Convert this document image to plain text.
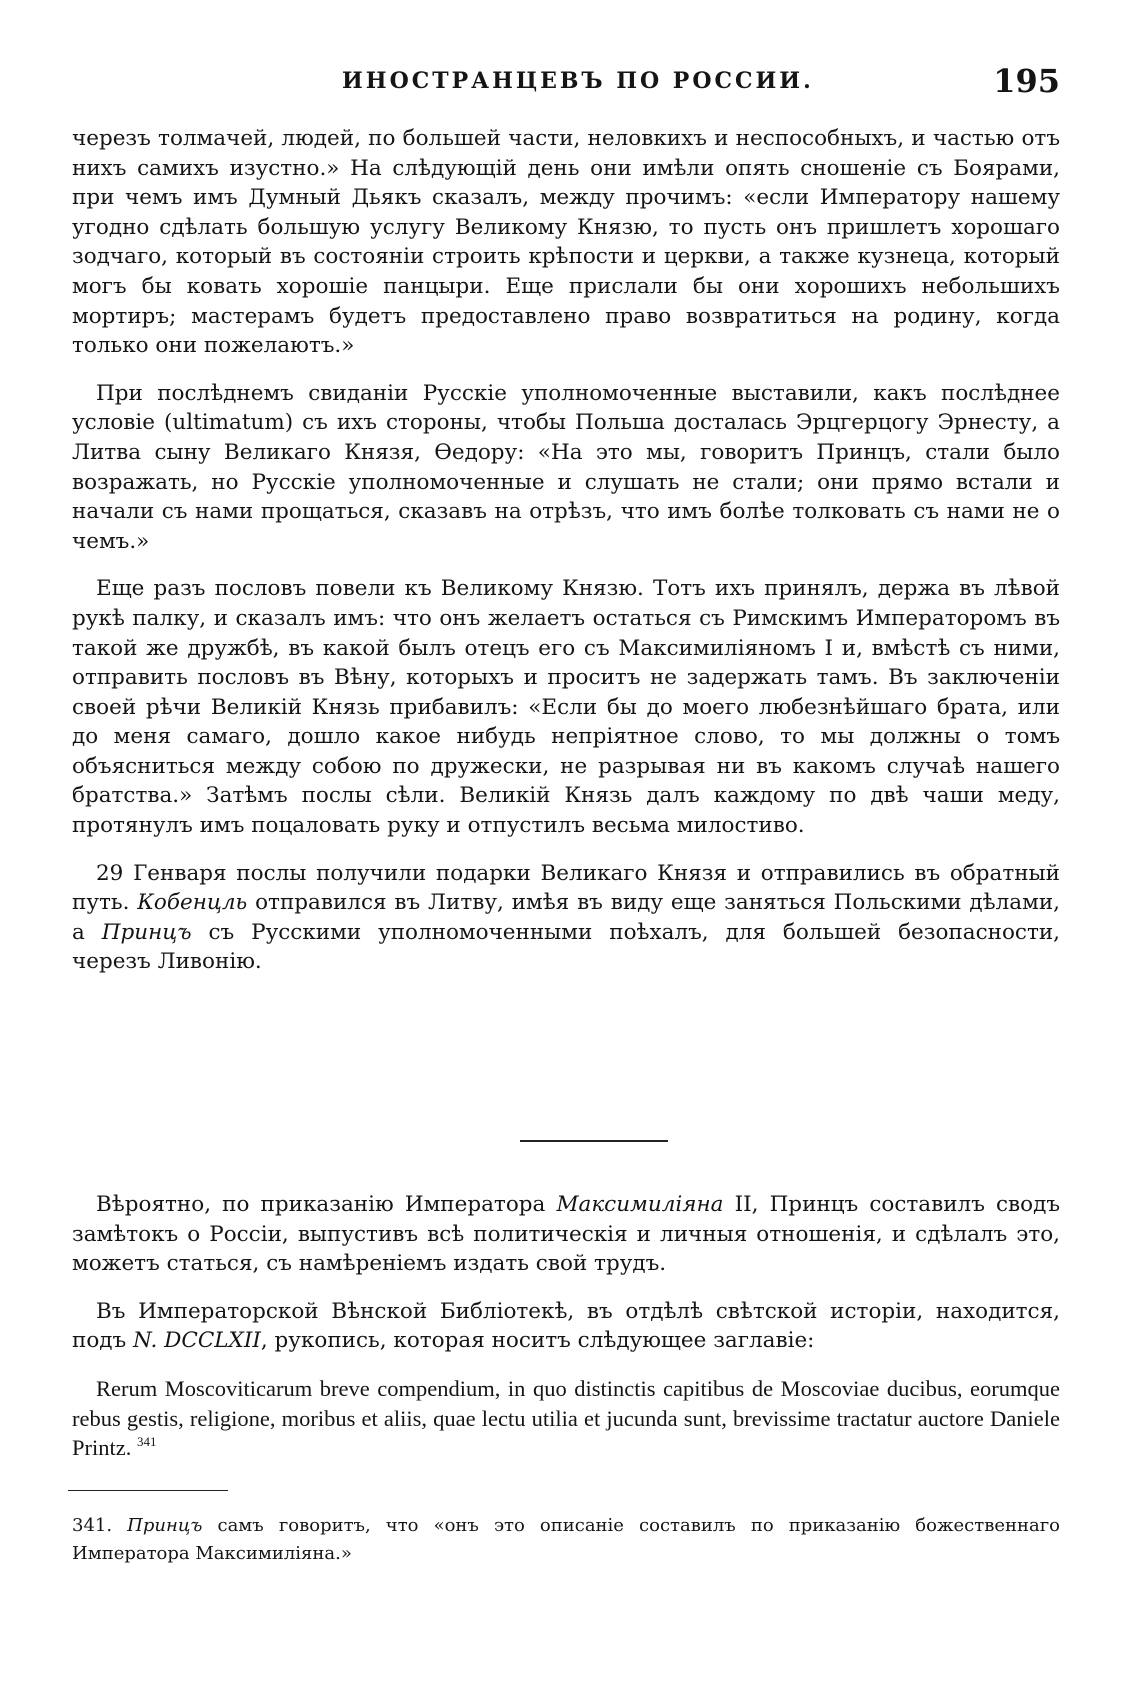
ИНОСТРАНЦЕВЪ ПО РОССИИ.	195

черезъ толмачей, людей, по большей части, неловкихъ и неспособныхъ, и частью отъ нихъ самихъ изустно.» На слѣдующій день они имѣли опять сношеніе съ Боярами, при чемъ имъ Думный Дьякъ сказалъ, между прочимъ: «если Императору нашему угодно сдѣлать большую услугу Великому Князю, то пусть онъ пришлетъ хорошаго зодчаго, который въ состояніи строить крѣпости и церкви, а также кузнеца, который могъ бы ковать хорошіе панцыри. Еще прислали бы они хорошихъ небольшихъ мортиръ; мастерамъ будетъ предоставлено право возвратиться на родину, когда только они пожелаютъ.»

При послѣднемъ свиданіи Русскіе уполномоченные выставили, какъ послѣднее условіе (ultimatum) съ ихъ стороны, чтобы Польша досталась Эрцгерцогу Эрнесту, а Литва сыну Великаго Князя, Ѳедору: «На это мы, говоритъ Принцъ, стали было возражать, но Русскіе уполномоченные и слушать не стали; они прямо встали и начали съ нами прощаться, сказавъ на отрѣзъ, что имъ болѣе толковать съ нами не о чемъ.»

Еще разъ пословъ повели къ Великому Князю. Тотъ ихъ принялъ, держа въ лѣвой рукѣ палку, и сказалъ имъ: что онъ желаетъ остаться съ Римскимъ Императоромъ въ такой же дружбѣ, въ какой былъ отецъ его съ Максимиліяномъ I и, вмѣстѣ съ ними, отправить пословъ въ Вѣну, которыхъ и проситъ не задержать тамъ. Въ заключеніи своей рѣчи Великій Князь прибавилъ: «Если бы до моего любезнѣйшаго брата, или до меня самаго, дошло какое нибудь непріятное слово, то мы должны о томъ объясниться между собою по дружески, не разрывая ни въ какомъ случаѣ нашего братства.» Затѣмъ послы сѣли. Великій Князь далъ каждому по двѣ чаши меду, протянулъ имъ поцаловать руку и отпустилъ весьма милостиво.

29 Генваря послы получили подарки Великаго Князя и отправились въ обратный путь. Кобенцль отправился въ Литву, имѣя въ виду еще заняться Польскими дѣлами, а Принцъ съ Русскими уполномоченными поѣхалъ, для большей безопасности, черезъ Ливонію.

Вѣроятно, по приказанію Императора Максимиліяна II, Принцъ составилъ сводъ замѣтокъ о Россіи, выпустивъ всѣ политическія и личныя отношенія, и сдѣлалъ это, можетъ статься, съ намѣреніемъ издать свой трудъ.

Въ Императорской Вѣнской Библіотекѣ, въ отдѣлѣ свѣтской исторіи, находится, подъ N. DCCLXII, рукопись, которая носитъ слѣдующее заглавіе:

Rerum Moscoviticarum breve compendium, in quo distinctis capitibus de Moscoviae ducibus, eorumque rebus gestis, religione, moribus et aliis, quae lectu utilia et jucunda sunt, brevissime tractatur auctore Daniele Printz. $^{341}$

341. Принцъ самъ говоритъ, что «онъ это описаніе составилъ по приказанію божественнаго Императора Максимиліяна.»
